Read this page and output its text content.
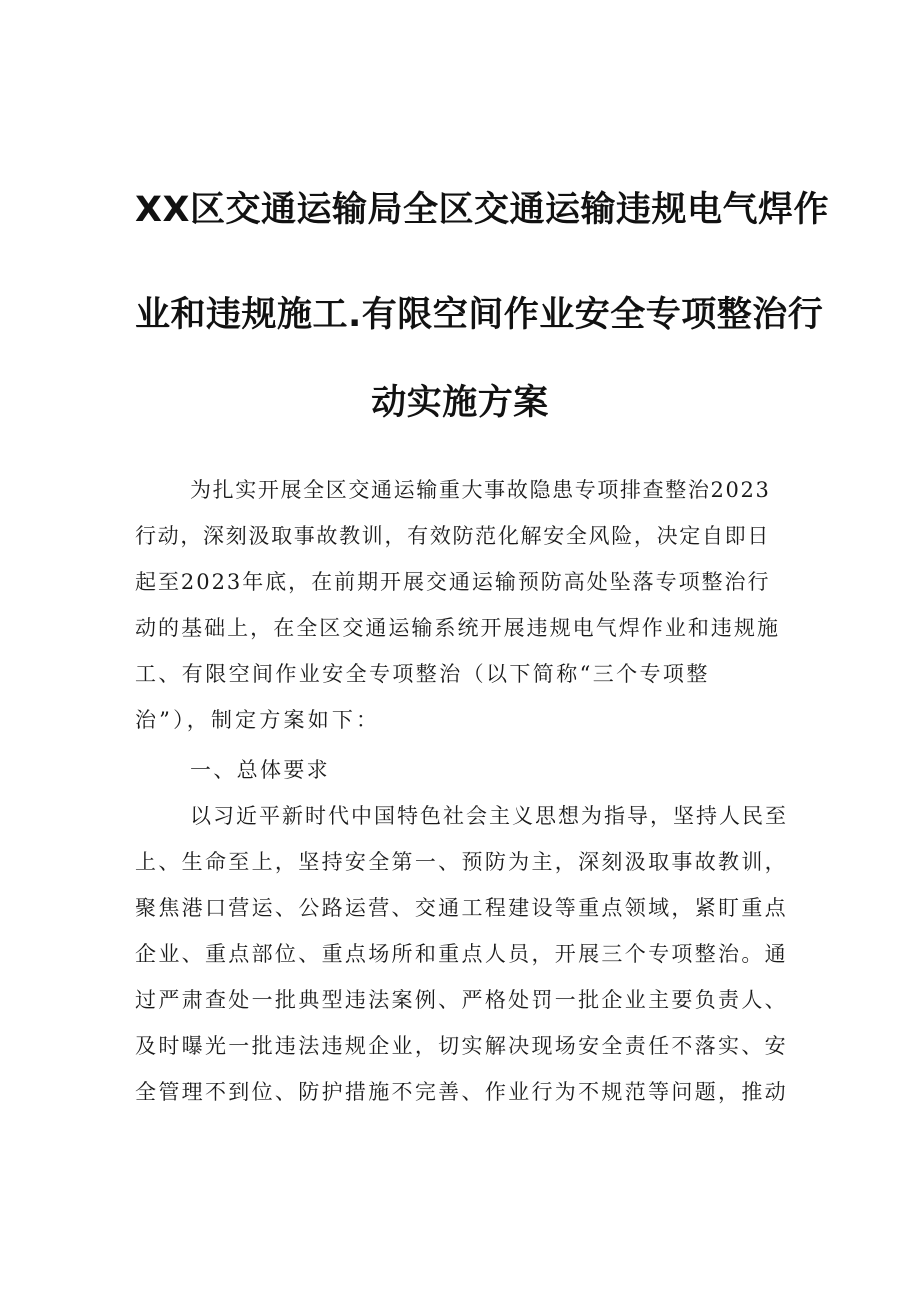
XX区交通运输局全区交通运输违规电气焊作
业和违规施工.有限空间作业安全专项整治行
动实施方案
为扎实开展全区交通运输重大事故隐患专项排查整治2023
行动，深刻汲取事故教训，有效防范化解安全风险，决定自即日
起至2023年底，在前期开展交通运输预防高处坠落专项整治行
动的基础上，在全区交通运输系统开展违规电气焊作业和违规施
工、有限空间作业安全专项整治（以下简称“三个专项整
治”），制定方案如下：
一、总体要求
以习近平新时代中国特色社会主义思想为指导，坚持人民至
上、生命至上，坚持安全第一、预防为主，深刻汲取事故教训，
聚焦港口营运、公路运营、交通工程建设等重点领域，紧盯重点
企业、重点部位、重点场所和重点人员，开展三个专项整治。通
过严肃查处一批典型违法案例、严格处罚一批企业主要负责人、
及时曝光一批违法违规企业，切实解决现场安全责任不落实、安
全管理不到位、防护措施不完善、作业行为不规范等问题，推动
